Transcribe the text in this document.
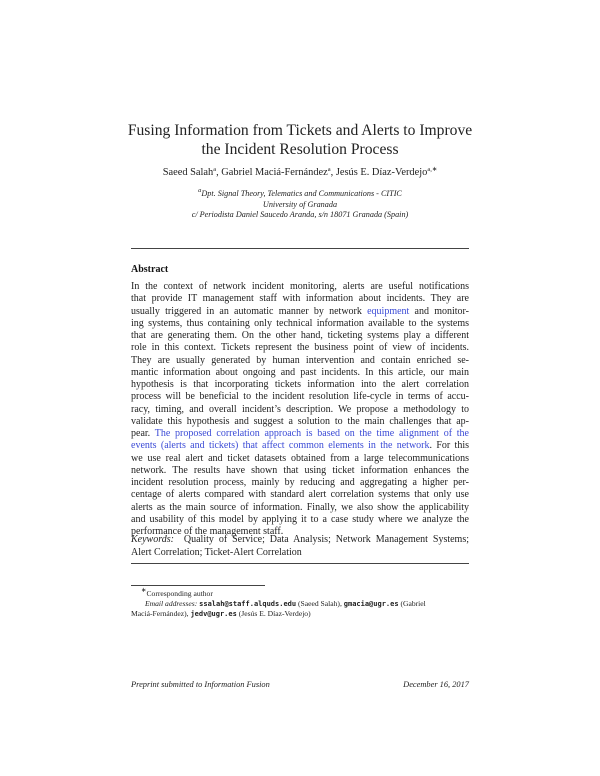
Fusing Information from Tickets and Alerts to Improve
the Incident Resolution Process
Saeed Salah$^a$, Gabriel Maciá-Fernández$^a$, Jesús E. Díaz-Verdejo$^{a,∗}$
$^a$Dpt. Signal Theory, Telematics and Communications - CITIC
University of Granada
c/ Periodista Daniel Saucedo Aranda, s/n 18071 Granada (Spain)
Abstract
In the context of network incident monitoring, alerts are useful notifications
that provide IT management staff with information about incidents. They are
usually triggered in an automatic manner by network equipment and monitor-
ing systems, thus containing only technical information available to the systems
that are generating them. On the other hand, ticketing systems play a different
role in this context. Tickets represent the business point of view of incidents.
They are usually generated by human intervention and contain enriched se-
mantic information about ongoing and past incidents. In this article, our main
hypothesis is that incorporating tickets information into the alert correlation
process will be beneficial to the incident resolution life-cycle in terms of accu-
racy, timing, and overall incident’s description. We propose a methodology to
validate this hypothesis and suggest a solution to the main challenges that ap-
pear. The proposed correlation approach is based on the time alignment of the
events (alerts and tickets) that affect common elements in the network. For this
we use real alert and ticket datasets obtained from a large telecommunications
network. The results have shown that using ticket information enhances the
incident resolution process, mainly by reducing and aggregating a higher per-
centage of alerts compared with standard alert correlation systems that only use
alerts as the main source of information. Finally, we also show the applicability
and usability of this model by applying it to a case study where we analyze the
performance of the management staff.
Keywords: Quality of Service; Data Analysis; Network Management Systems;
Alert Correlation; Ticket-Alert Correlation
∗Corresponding author
Email addresses: ssalah@staff.alquds.edu (Saeed Salah), gmacia@ugr.es (Gabriel
Maciá-Fernández), jedv@ugr.es (Jesús E. Díaz-Verdejo)
Preprint submitted to Information Fusion	December 16, 2017
